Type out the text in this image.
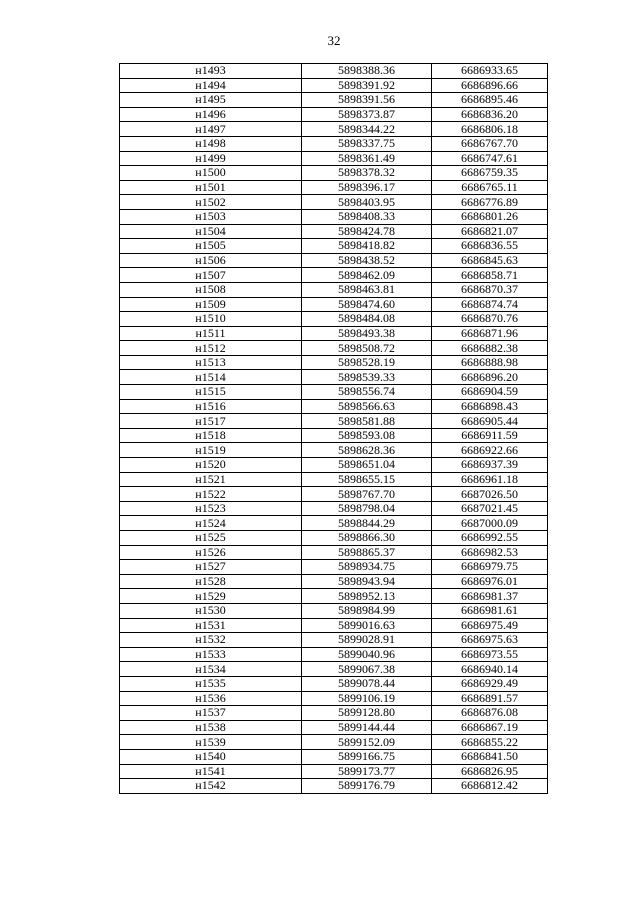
32
н1493	5898388.36	6686933.65
н1494	5898391.92	6686896.66
н1495	5898391.56	6686895.46
н1496	5898373.87	6686836.20
н1497	5898344.22	6686806.18
н1498	5898337.75	6686767.70
н1499	5898361.49	6686747.61
н1500	5898378.32	6686759.35
н1501	5898396.17	6686765.11
н1502	5898403.95	6686776.89
н1503	5898408.33	6686801.26
н1504	5898424.78	6686821.07
н1505	5898418.82	6686836.55
н1506	5898438.52	6686845.63
н1507	5898462.09	6686858.71
н1508	5898463.81	6686870.37
н1509	5898474.60	6686874.74
н1510	5898484.08	6686870.76
н1511	5898493.38	6686871.96
н1512	5898508.72	6686882.38
н1513	5898528.19	6686888.98
н1514	5898539.33	6686896.20
н1515	5898556.74	6686904.59
н1516	5898566.63	6686898.43
н1517	5898581.88	6686905.44
н1518	5898593.08	6686911.59
н1519	5898628.36	6686922.66
н1520	5898651.04	6686937.39
н1521	5898655.15	6686961.18
н1522	5898767.70	6687026.50
н1523	5898798.04	6687021.45
н1524	5898844.29	6687000.09
н1525	5898866.30	6686992.55
н1526	5898865.37	6686982.53
н1527	5898934.75	6686979.75
н1528	5898943.94	6686976.01
н1529	5898952.13	6686981.37
н1530	5898984.99	6686981.61
н1531	5899016.63	6686975.49
н1532	5899028.91	6686975.63
н1533	5899040.96	6686973.55
н1534	5899067.38	6686940.14
н1535	5899078.44	6686929.49
н1536	5899106.19	6686891.57
н1537	5899128.80	6686876.08
н1538	5899144.44	6686867.19
н1539	5899152.09	6686855.22
н1540	5899166.75	6686841.50
н1541	5899173.77	6686826.95
н1542	5899176.79	6686812.42
